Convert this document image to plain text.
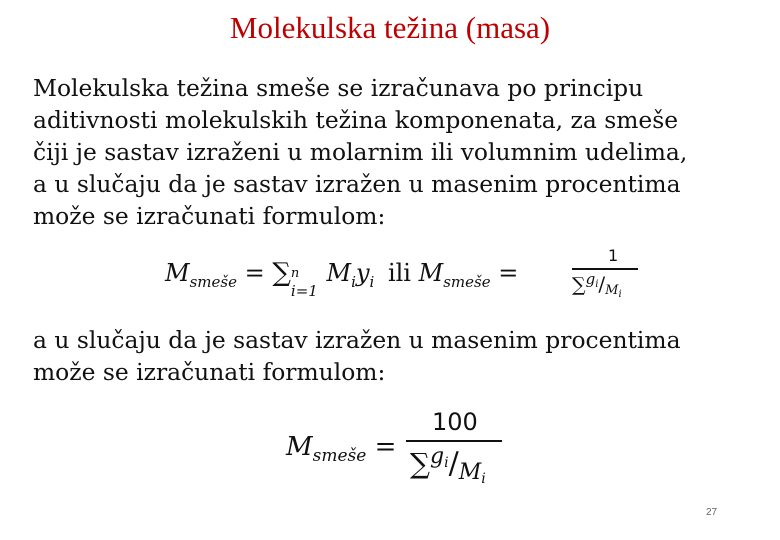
Molekulska težina (masa)
Molekulska težina smeše se izračunava po principu
aditivnosti molekulskih težina komponenata, za smeše
čiji je sastav izraženi u molarnim ili volumnim udelima,
a u slučaju da je sastav izražen u masenim procentima
može se izračunati formulom:
$M_{smeše}$ = ∑ n
i=1
$M_iy_i$ ili $M_{smeše}$ =
1
$\sum^{gi}/M_i$
a u slučaju da je sastav izražen u masenim procentima
može se izračunati formulom:
$M_{smeše}$ =
100
$\sum^{gi}/_{Mi}$
27
